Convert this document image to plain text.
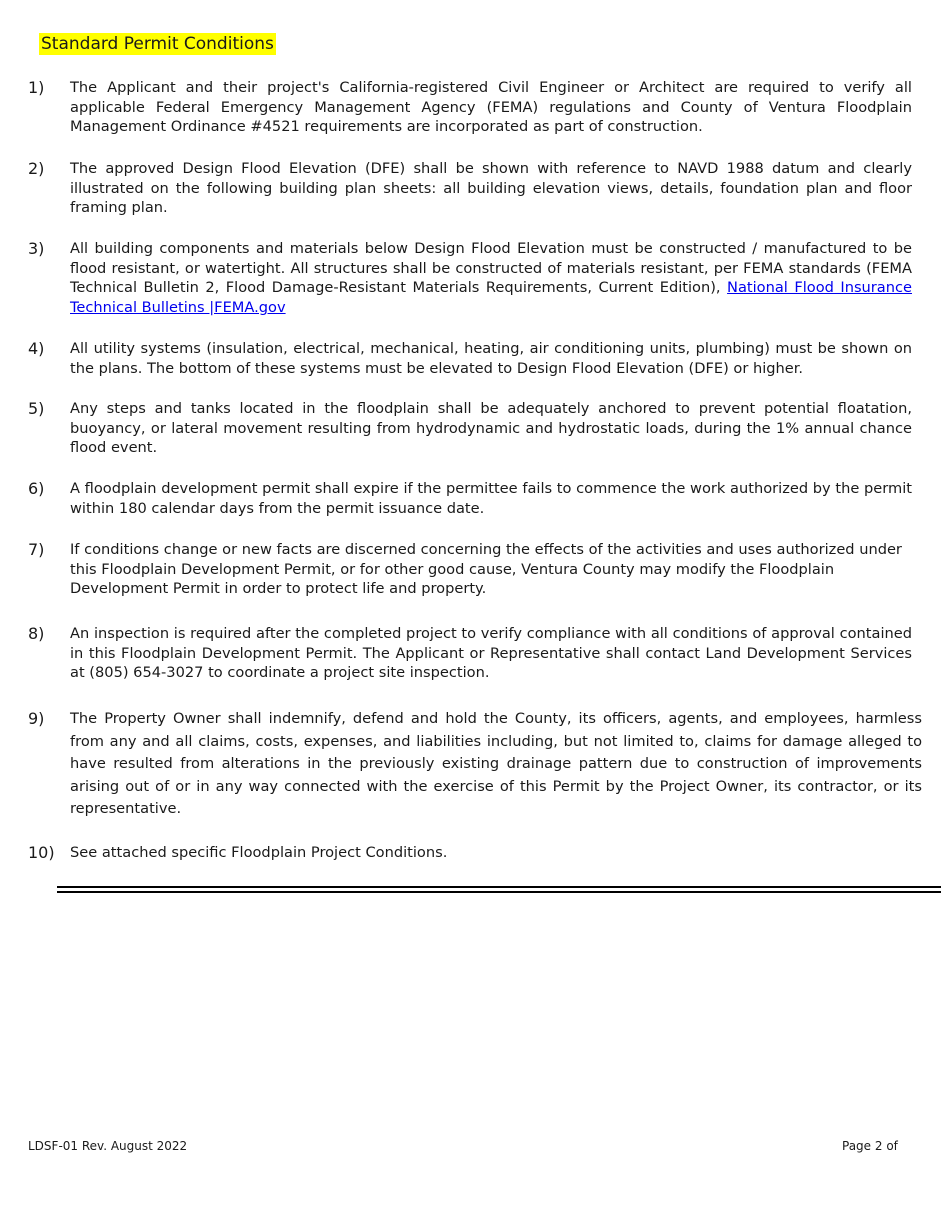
Standard Permit Conditions
1) The Applicant and their project's California-registered Civil Engineer or Architect are required to verify all applicable Federal Emergency Management Agency (FEMA) regulations and County of Ventura Floodplain Management Ordinance #4521 requirements are incorporated as part of construction.
2) The approved Design Flood Elevation (DFE) shall be shown with reference to NAVD 1988 datum and clearly illustrated on the following building plan sheets: all building elevation views, details, foundation plan and floor framing plan.
3) All building components and materials below Design Flood Elevation must be constructed / manufactured to be flood resistant, or watertight. All structures shall be constructed of materials resistant, per FEMA standards (FEMA Technical Bulletin 2, Flood Damage-Resistant Materials Requirements, Current Edition), National Flood Insurance Technical Bulletins |FEMA.gov
4) All utility systems (insulation, electrical, mechanical, heating, air conditioning units, plumbing) must be shown on the plans. The bottom of these systems must be elevated to Design Flood Elevation (DFE) or higher.
5) Any steps and tanks located in the floodplain shall be adequately anchored to prevent potential floatation, buoyancy, or lateral movement resulting from hydrodynamic and hydrostatic loads, during the 1% annual chance flood event.
6) A floodplain development permit shall expire if the permittee fails to commence the work authorized by the permit within 180 calendar days from the permit issuance date.
7) If conditions change or new facts are discerned concerning the effects of the activities and uses authorized under this Floodplain Development Permit, or for other good cause, Ventura County may modify the Floodplain Development Permit in order to protect life and property.
8) An inspection is required after the completed project to verify compliance with all conditions of approval contained in this Floodplain Development Permit. The Applicant or Representative shall contact Land Development Services at (805) 654-3027 to coordinate a project site inspection.
9) The Property Owner shall indemnify, defend and hold the County, its officers, agents, and employees, harmless from any and all claims, costs, expenses, and liabilities including, but not limited to, claims for damage alleged to have resulted from alterations in the previously existing drainage pattern due to construction of improvements arising out of or in any way connected with the exercise of this Permit by the Project Owner, its contractor, or its representative.
10) See attached specific Floodplain Project Conditions.
LDSF-01 Rev. August 2022	Page 2 of
